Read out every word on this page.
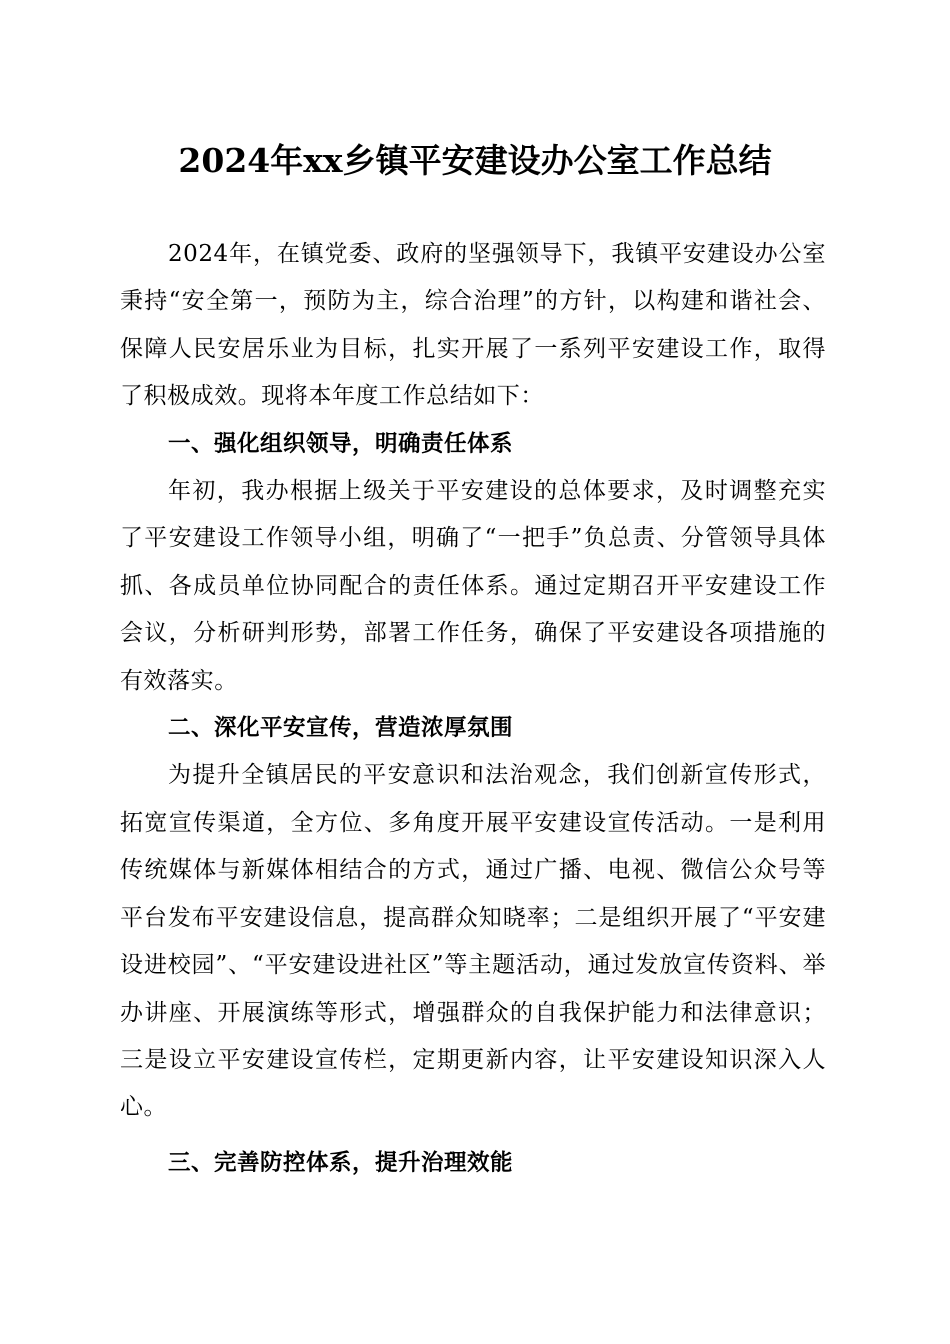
2024年xx乡镇平安建设办公室工作总结

2024年，在镇党委、政府的坚强领导下，我镇平安建设办公室秉持“安全第一，预防为主，综合治理”的方针，以构建和谐社会、保障人民安居乐业为目标，扎实开展了一系列平安建设工作，取得了积极成效。现将本年度工作总结如下：

一、强化组织领导，明确责任体系

年初，我办根据上级关于平安建设的总体要求，及时调整充实了平安建设工作领导小组，明确了“一把手”负总责、分管领导具体抓、各成员单位协同配合的责任体系。通过定期召开平安建设工作会议，分析研判形势，部署工作任务，确保了平安建设各项措施的有效落实。

二、深化平安宣传，营造浓厚氛围

为提升全镇居民的平安意识和法治观念，我们创新宣传形式，拓宽宣传渠道，全方位、多角度开展平安建设宣传活动。一是利用传统媒体与新媒体相结合的方式，通过广播、电视、微信公众号等平台发布平安建设信息，提高群众知晓率；二是组织开展了“平安建设进校园”、“平安建设进社区”等主题活动，通过发放宣传资料、举办讲座、开展演练等形式，增强群众的自我保护能力和法律意识；三是设立平安建设宣传栏，定期更新内容，让平安建设知识深入人心。

三、完善防控体系，提升治理效能
